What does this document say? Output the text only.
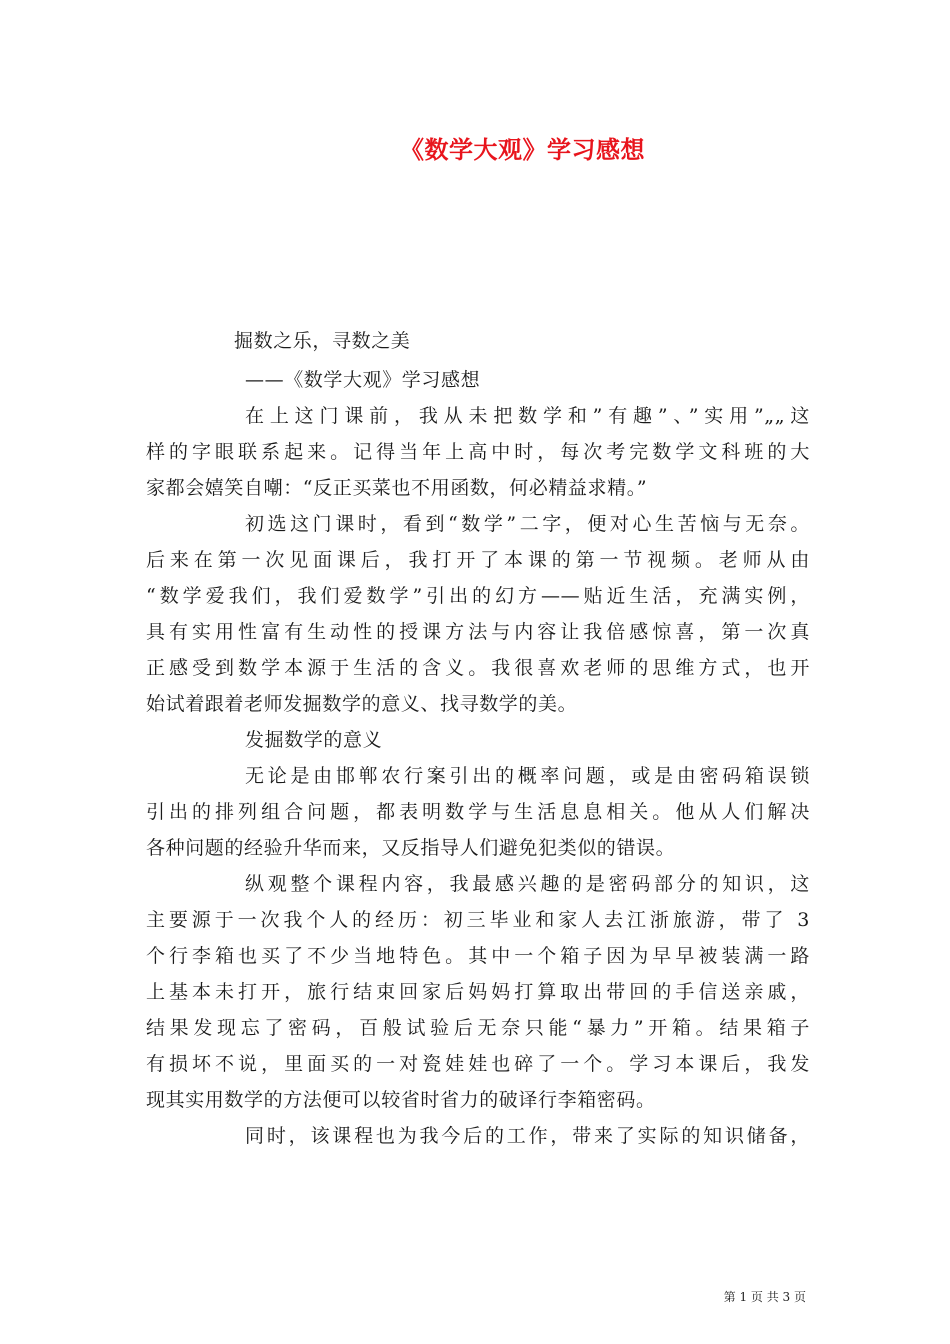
《数学大观》学习感想
掘数之乐，寻数之美
——《数学大观》学习感想
在上这门课前，我从未把数学和”有趣”、”实用”„„这
样的字眼联系起来。记得当年上高中时，每次考完数学文科班的大
家都会嬉笑自嘲：“反正买菜也不用函数，何必精益求精。”
初选这门课时，看到“数学”二字，便对心生苦恼与无奈。
后来在第一次见面课后，我打开了本课的第一节视频。老师从由
“数学爱我们，我们爱数学”引出的幻方——贴近生活，充满实例，
具有实用性富有生动性的授课方法与内容让我倍感惊喜，第一次真
正感受到数学本源于生活的含义。我很喜欢老师的思维方式，也开
始试着跟着老师发掘数学的意义、找寻数学的美。
发掘数学的意义
无论是由邯郸农行案引出的概率问题，或是由密码箱误锁
引出的排列组合问题，都表明数学与生活息息相关。他从人们解决
各种问题的经验升华而来，又反指导人们避免犯类似的错误。
纵观整个课程内容，我最感兴趣的是密码部分的知识，这
主要源于一次我个人的经历：初三毕业和家人去江浙旅游，带了 3
个行李箱也买了不少当地特色。其中一个箱子因为早早被装满一路
上基本未打开，旅行结束回家后妈妈打算取出带回的手信送亲戚，
结果发现忘了密码，百般试验后无奈只能“暴力”开箱。结果箱子
有损坏不说，里面买的一对瓷娃娃也碎了一个。学习本课后，我发
现其实用数学的方法便可以较省时省力的破译行李箱密码。
同时，该课程也为我今后的工作，带来了实际的知识储备，
第 1 页 共 3 页
